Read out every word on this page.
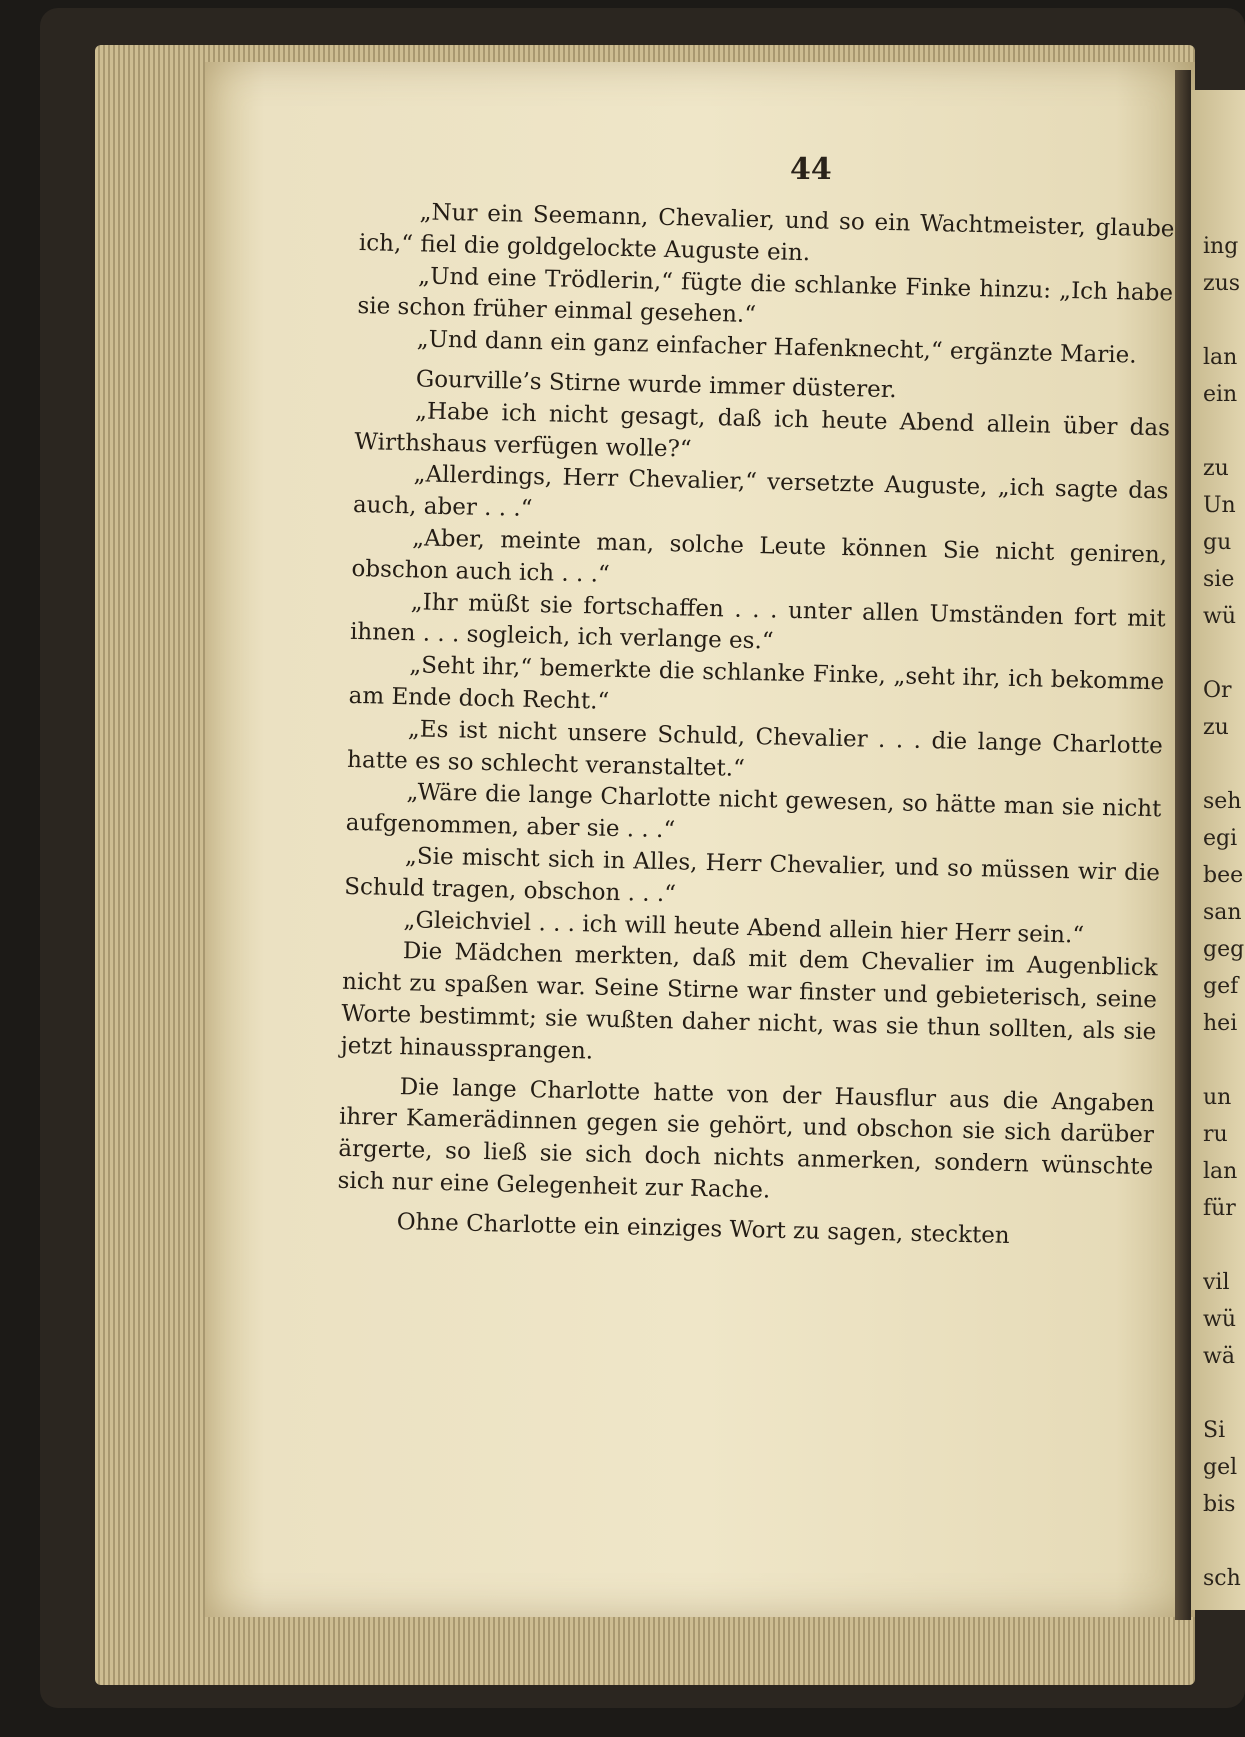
44

„Nur ein Seemann, Chevalier, und so ein Wachtmeister, glaube ich,“ fiel die goldgelockte Auguste ein.

„Und eine Trödlerin,“ fügte die schlanke Finke hinzu: „Ich habe sie schon früher einmal gesehen.“

„Und dann ein ganz einfacher Hafenknecht,“ ergänzte Marie.

Gourville’s Stirne wurde immer düsterer.

„Habe ich nicht gesagt, daß ich heute Abend allein über das Wirthshaus verfügen wolle?“

„Allerdings, Herr Chevalier,“ versetzte Auguste, „ich sagte das auch, aber . . .“

„Aber, meinte man, solche Leute können Sie nicht geniren, obschon auch ich . . .“

„Ihr müßt sie fortschaffen . . . unter allen Umständen fort mit ihnen . . . sogleich, ich verlange es.“

„Seht ihr,“ bemerkte die schlanke Finke, „seht ihr, ich bekomme am Ende doch Recht.“

„Es ist nicht unsere Schuld, Chevalier . . . die lange Charlotte hatte es so schlecht veranstaltet.“

„Wäre die lange Charlotte nicht gewesen, so hätte man sie nicht aufgenommen, aber sie . . .“

„Sie mischt sich in Alles, Herr Chevalier, und so müssen wir die Schuld tragen, obschon . . .“

„Gleichviel . . . ich will heute Abend allein hier Herr sein.“

Die Mädchen merkten, daß mit dem Chevalier im Augenblick nicht zu spaßen war. Seine Stirne war finster und gebieterisch, seine Worte bestimmt; sie wußten daher nicht, was sie thun sollten, als sie jetzt hinaussprangen.

Die lange Charlotte hatte von der Hausflur aus die Angaben ihrer Kamerädinnen gegen sie gehört, und obschon sie sich darüber ärgerte, so ließ sie sich doch nichts anmerken, sondern wünschte sich nur eine Gelegenheit zur Rache.

Ohne Charlotte ein einziges Wort zu sagen, steckten

ing
zus

lan
ein

zu
Un
gu
sie
wü

Or
zu

seh
egi
bee
san
geg
gef
hei

un
ru
lan
für

vil
wü
wä

Si
gel
bis

sch
